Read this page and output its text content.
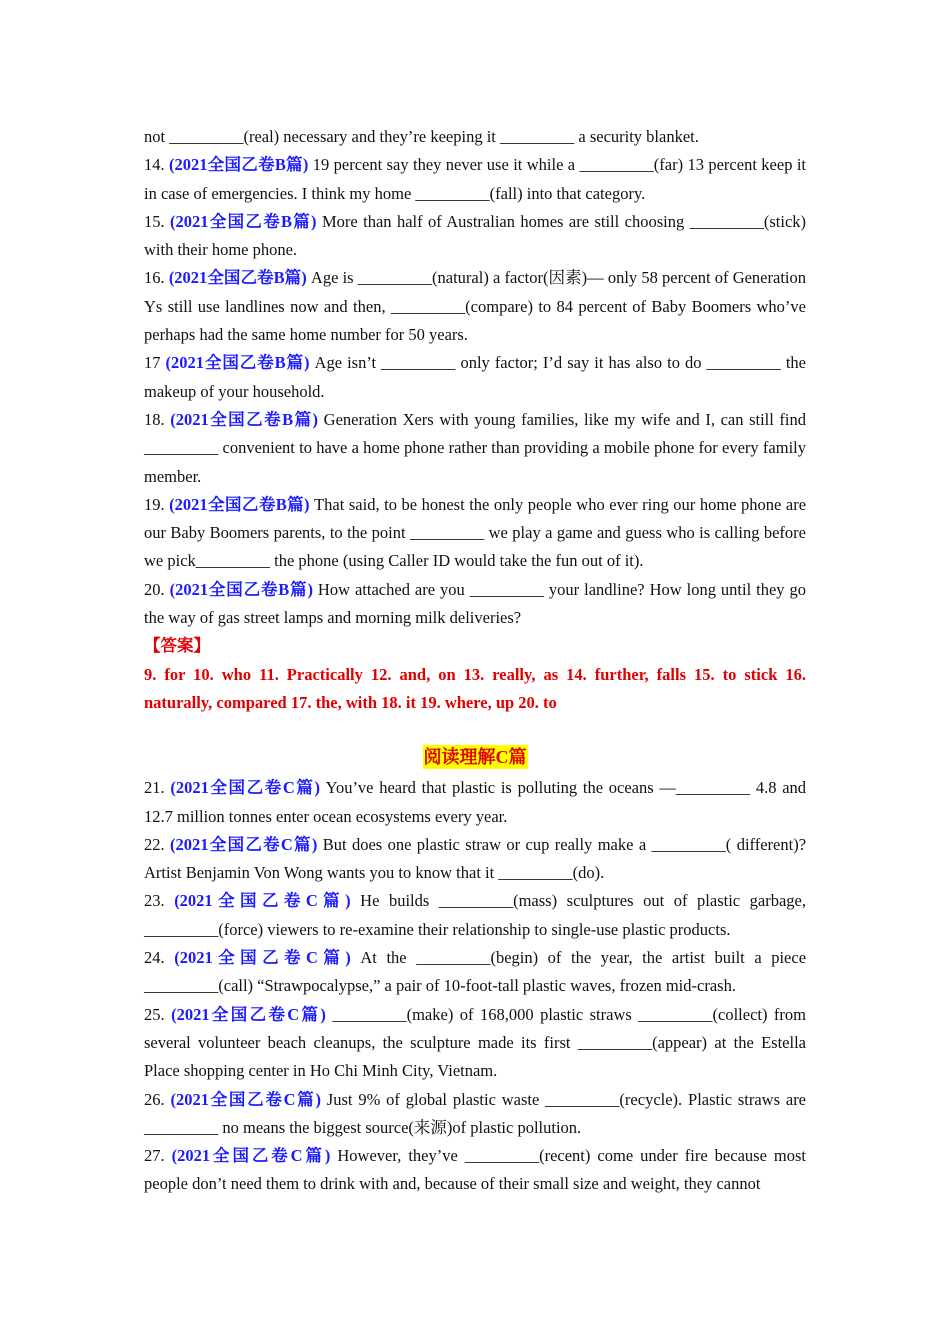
not _________(real) necessary and they’re keeping it _________ a security blanket.

14. (2021全国乙卷B篇) 19 percent say they never use it while a _________(far) 13 percent keep it in case of emergencies. I think my home _________(fall) into that category.

15. (2021全国乙卷B篇) More than half of Australian homes are still choosing _________(stick) with their home phone.

16. (2021全国乙卷B篇) Age is _________(natural) a factor(因素)— only 58 percent of Generation Ys still use landlines now and then, _________(compare) to 84 percent of Baby Boomers who’ve perhaps had the same home number for 50 years.

17 (2021全国乙卷B篇) Age isn’t _________ only factor; I’d say it has also to do _________ the makeup of your household.

18. (2021全国乙卷B篇) Generation Xers with young families, like my wife and I, can still find _________ convenient to have a home phone rather than providing a mobile phone for every family member.

19. (2021全国乙卷B篇) That said, to be honest the only people who ever ring our home phone are our Baby Boomers parents, to the point _________ we play a game and guess who is calling before we pick_________ the phone (using Caller ID would take the fun out of it).

20. (2021全国乙卷B篇) How attached are you _________ your landline? How long until they go the way of gas street lamps and morning milk deliveries?

【答案】

9. for 10. who 11. Practically 12. and, on 13. really, as 14. further, falls 15. to stick 16. naturally, compared 17. the, with 18. it 19. where, up 20. to

阅读理解C篇

21. (2021全国乙卷C篇) You’ve heard that plastic is polluting the oceans —_________ 4.8 and 12.7 million tonnes enter ocean ecosystems every year.

22. (2021全国乙卷C篇) But does one plastic straw or cup really make a _________( different)? Artist Benjamin Von Wong wants you to know that it _________(do).

23. (2021全国乙卷C篇) He builds _________(mass) sculptures out of plastic garbage, _________(force) viewers to re-examine their relationship to single-use plastic products.

24. (2021全国乙卷C篇) At the _________(begin) of the year, the artist built a piece _________(call) “Strawpocalypse,” a pair of 10-foot-tall plastic waves, frozen mid-crash.

25. (2021全国乙卷C篇) _________(make) of 168,000 plastic straws _________(collect) from several volunteer beach cleanups, the sculpture made its first _________(appear) at the Estella Place shopping center in Ho Chi Minh City, Vietnam.

26. (2021全国乙卷C篇) Just 9% of global plastic waste _________(recycle). Plastic straws are _________ no means the biggest source(来源)of plastic pollution.

27. (2021全国乙卷C篇) However, they’ve _________(recent) come under fire because most people don’t need them to drink with and, because of their small size and weight, they cannot
